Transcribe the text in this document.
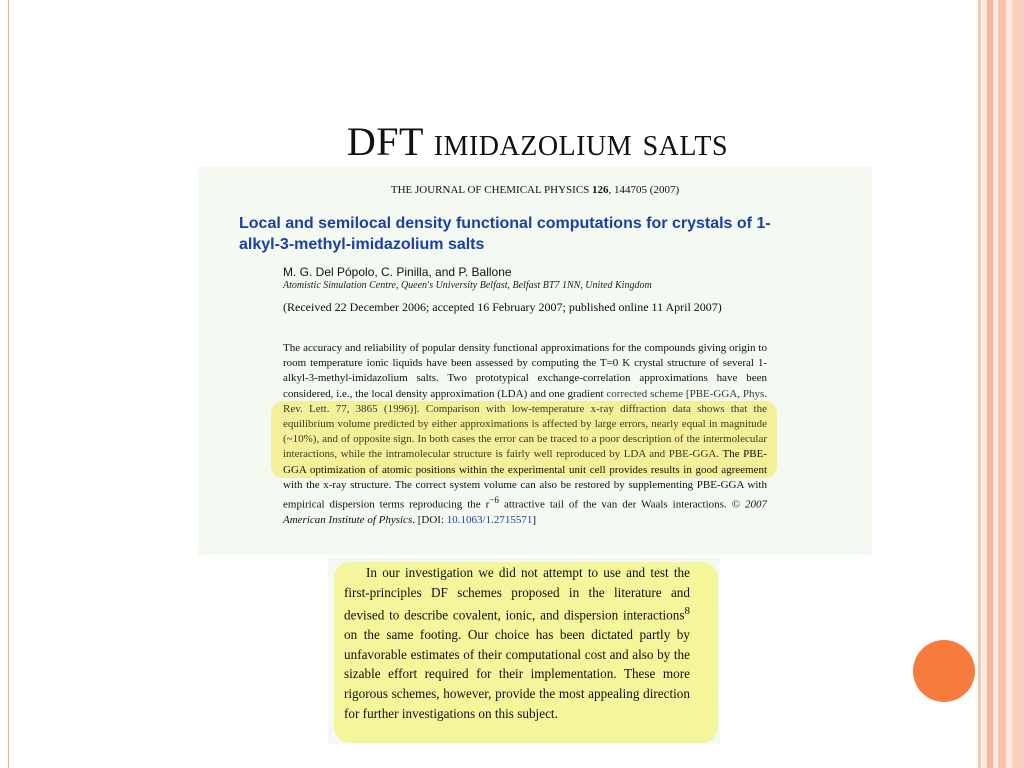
DFT imidazolium salts
THE JOURNAL OF CHEMICAL PHYSICS 126, 144705 (2007)
Local and semilocal density functional computations for crystals of 1-alkyl-3-methyl-imidazolium salts
M. G. Del Pópolo, C. Pinilla, and P. Ballone
Atomistic Simulation Centre, Queen's University Belfast, Belfast BT7 1NN, United Kingdom
(Received 22 December 2006; accepted 16 February 2007; published online 11 April 2007)
The accuracy and reliability of popular density functional approximations for the compounds giving origin to room temperature ionic liquids have been assessed by computing the T=0 K crystal structure of several 1-alkyl-3-methyl-imidazolium salts. Two prototypical exchange-correlation approximations have been considered, i.e., the local density approximation (LDA) and one gradient corrected scheme [PBE-GGA, Phys. Rev. Lett. 77, 3865 (1996)]. Comparison with low-temperature x-ray diffraction data shows that the equilibrium volume predicted by either approximations is affected by large errors, nearly equal in magnitude (~10%), and of opposite sign. In both cases the error can be traced to a poor description of the intermolecular interactions, while the intramolecular structure is fairly well reproduced by LDA and PBE-GGA. The PBE-GGA optimization of atomic positions within the experimental unit cell provides results in good agreement with the x-ray structure. The correct system volume can also be restored by supplementing PBE-GGA with empirical dispersion terms reproducing the $r^{-6}$ attractive tail of the van der Waals interactions. © 2007 American Institute of Physics. [DOI: 10.1063/1.2715571]
In our investigation we did not attempt to use and test the first-principles DF schemes proposed in the literature and devised to describe covalent, ionic, and dispersion interactions$^8$ on the same footing. Our choice has been dictated partly by unfavorable estimates of their computational cost and also by the sizable effort required for their implementation. These more rigorous schemes, however, provide the most appealing direction for further investigations on this subject.
